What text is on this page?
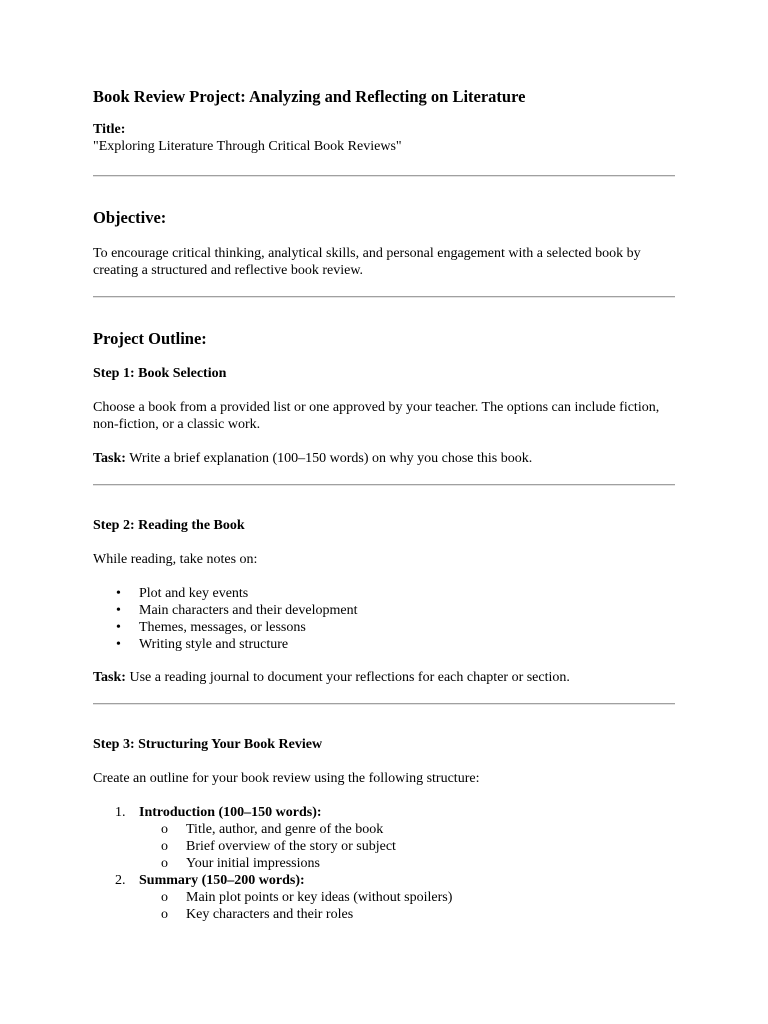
Book Review Project: Analyzing and Reflecting on Literature
Title:
"Exploring Literature Through Critical Book Reviews"
Objective:

To encourage critical thinking, analytical skills, and personal engagement with a selected book by creating a structured and reflective book review.

Project Outline:
Step 1: Book Selection

Choose a book from a provided list or one approved by your teacher. The options can include fiction, non-fiction, or a classic work.

Task: Write a brief explanation (100–150 words) on why you chose this book.

Step 2: Reading the Book

While reading, take notes on:

• Plot and key events
• Main characters and their development
• Themes, messages, or lessons
• Writing style and structure

Task: Use a reading journal to document your reflections for each chapter or section.

Step 3: Structuring Your Book Review

Create an outline for your book review using the following structure:

1. Introduction (100–150 words):
o Title, author, and genre of the book
o Brief overview of the story or subject
o Your initial impressions
2. Summary (150–200 words):
o Main plot points or key ideas (without spoilers)
o Key characters and their roles
